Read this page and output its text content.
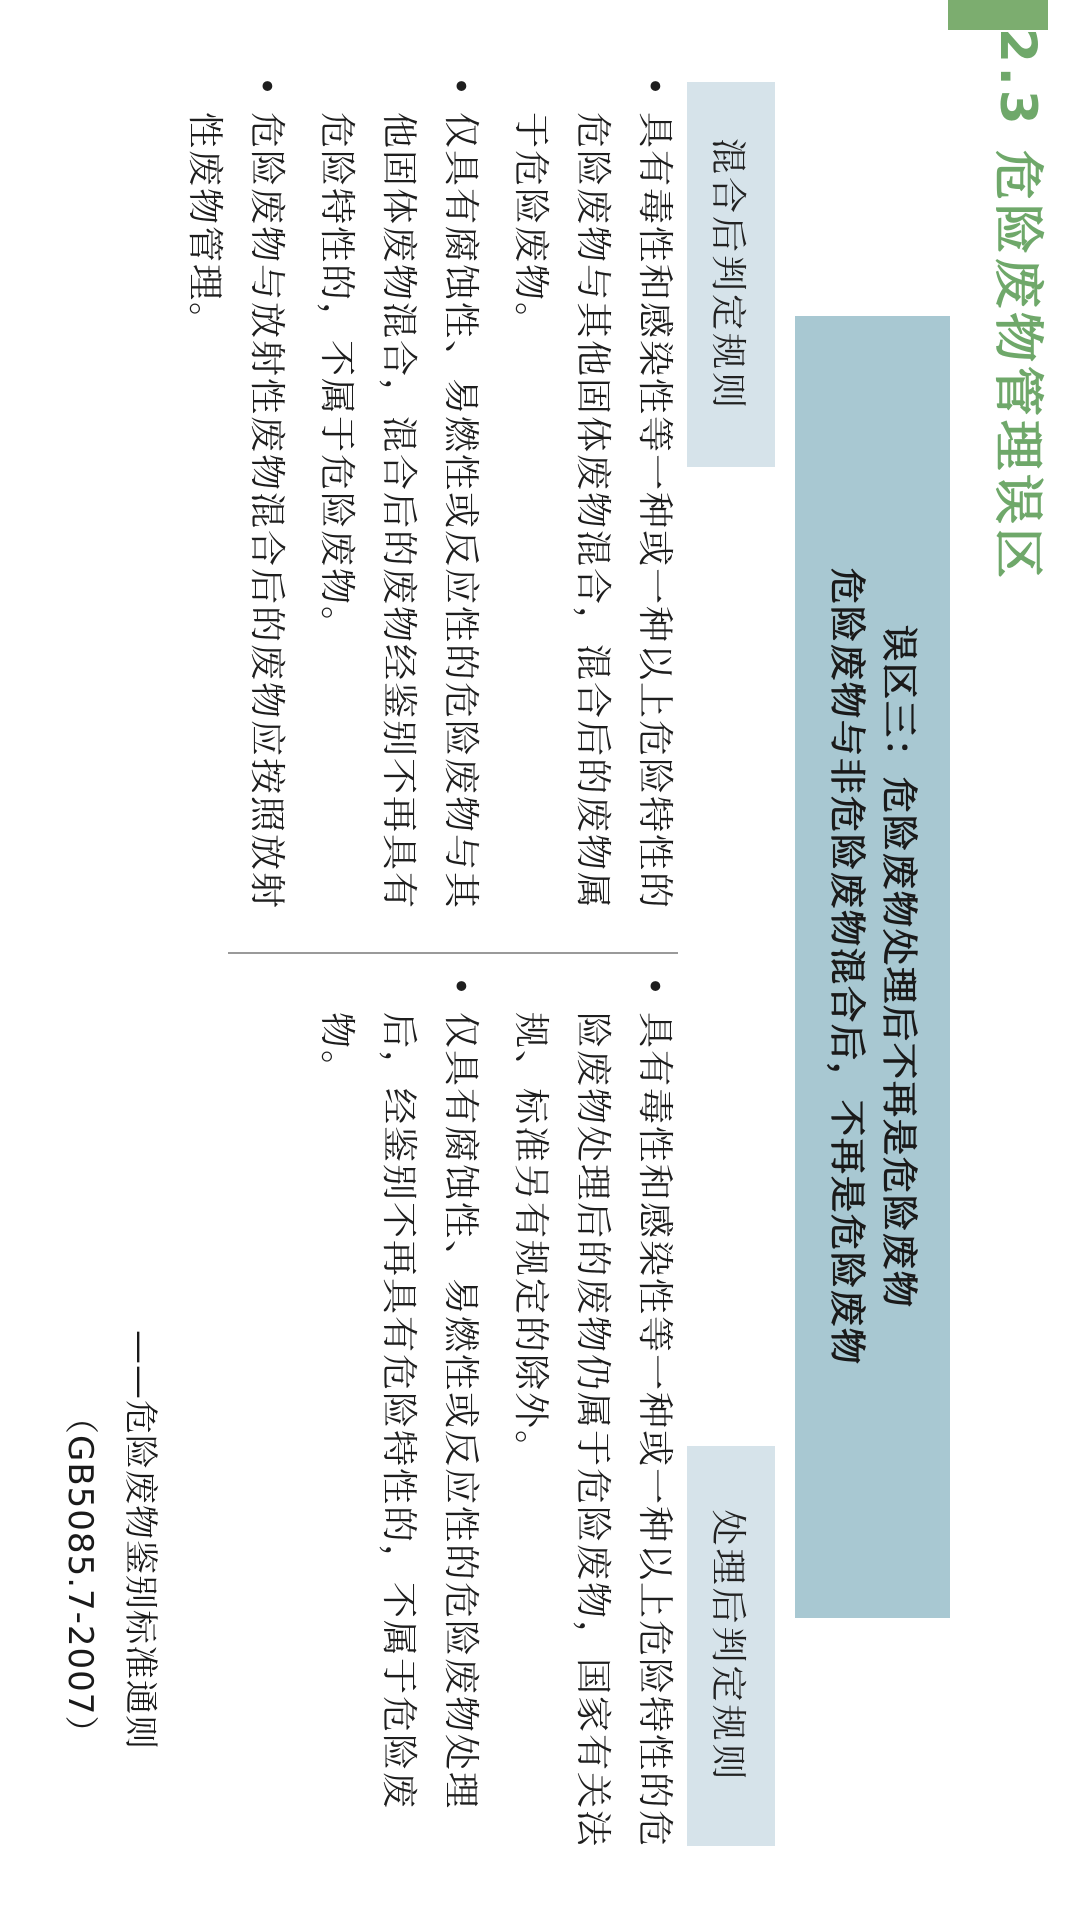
2.3 危险废物管理误区
误区三：危险废物处理后不再是危险废物
危险废物与非危险废物混合后，不再是危险废物
混合后判定规则
处理后判定规则
•
具有毒性和感染性等一种或一种以上危险特性的危险废物与其他固体废物混合，混合后的废物属于危险废物。
•
仅具有腐蚀性、易燃性或反应性的危险废物与其他固体废物混合，混合后的废物经鉴别不再具有危险特性的，不属于危险废物。
•
危险废物与放射性废物混合后的废物应按照放射性废物管理。
•
具有毒性和感染性等一种或一种以上危险特性的危险废物处理后的废物仍属于危险废物，国家有关法规、标准另有规定的除外。
•
仅具有腐蚀性、易燃性或反应性的危险废物处理后，经鉴别不再具有危险特性的，不属于危险废物。
——危险废物鉴别标准通则
（GB5085.7-2007）
